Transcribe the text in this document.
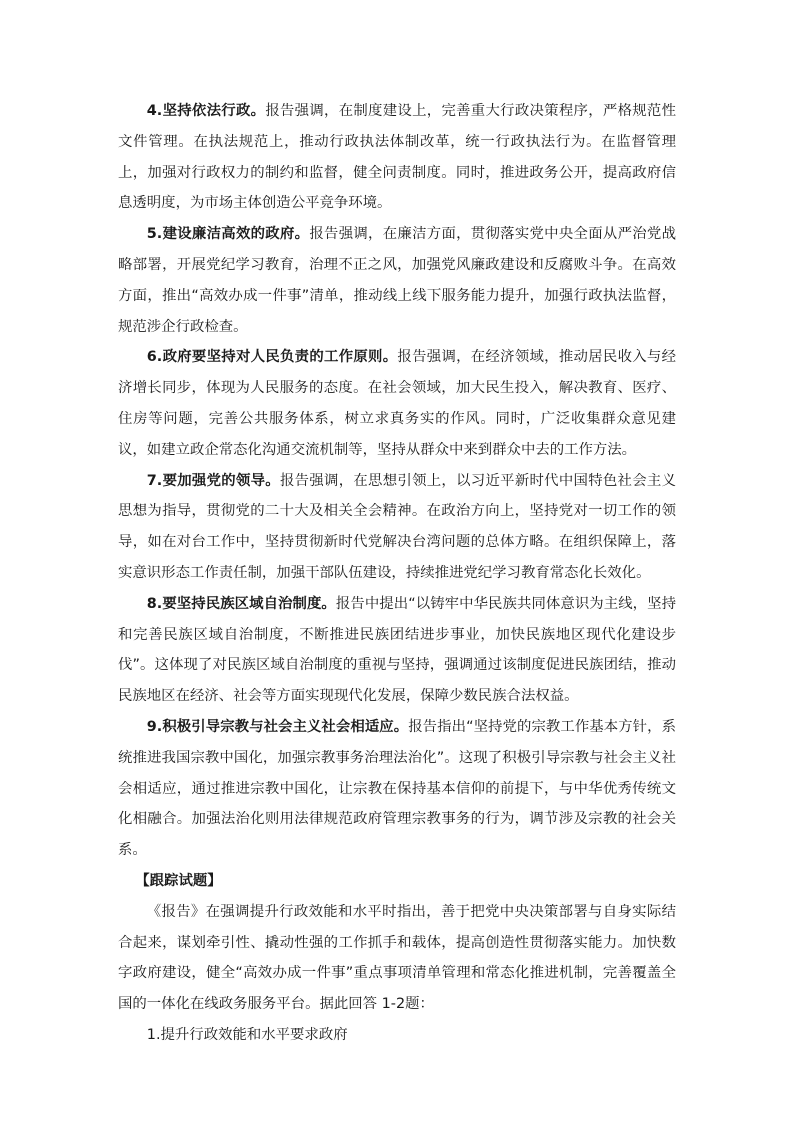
4.坚持依法行政。报告强调，在制度建设上，完善重大行政决策程序，严格规范性文件管理。在执法规范上，推动行政执法体制改革，统一行政执法行为。在监督管理上，加强对行政权力的制约和监督，健全问责制度。同时，推进政务公开，提高政府信息透明度，为市场主体创造公平竞争环境。

5.建设廉洁高效的政府。报告强调，在廉洁方面，贯彻落实党中央全面从严治党战略部署，开展党纪学习教育，治理不正之风，加强党风廉政建设和反腐败斗争。在高效方面，推出“高效办成一件事”清单，推动线上线下服务能力提升，加强行政执法监督，规范涉企行政检查。

6.政府要坚持对人民负责的工作原则。报告强调，在经济领域，推动居民收入与经济增长同步，体现为人民服务的态度。在社会领域，加大民生投入，解决教育、医疗、住房等问题，完善公共服务体系，树立求真务实的作风。同时，广泛收集群众意见建议，如建立政企常态化沟通交流机制等，坚持从群众中来到群众中去的工作方法。

7.要加强党的领导。报告强调，在思想引领上，以习近平新时代中国特色社会主义思想为指导，贯彻党的二十大及相关全会精神。在政治方向上，坚持党对一切工作的领导，如在对台工作中，坚持贯彻新时代党解决台湾问题的总体方略。在组织保障上，落实意识形态工作责任制，加强干部队伍建设，持续推进党纪学习教育常态化长效化。

8.要坚持民族区域自治制度。报告中提出“以铸牢中华民族共同体意识为主线，坚持和完善民族区域自治制度，不断推进民族团结进步事业，加快民族地区现代化建设步伐”。这体现了对民族区域自治制度的重视与坚持，强调通过该制度促进民族团结，推动民族地区在经济、社会等方面实现现代化发展，保障少数民族合法权益。

9.积极引导宗教与社会主义社会相适应。报告指出“坚持党的宗教工作基本方针，系统推进我国宗教中国化，加强宗教事务治理法治化”。这现了积极引导宗教与社会主义社会相适应，通过推进宗教中国化，让宗教在保持基本信仰的前提下，与中华优秀传统文化相融合。加强法治化则用法律规范政府管理宗教事务的行为，调节涉及宗教的社会关系。

【跟踪试题】

《报告》在强调提升行政效能和水平时指出，善于把党中央决策部署与自身实际结合起来，谋划牵引性、撬动性强的工作抓手和载体，提高创造性贯彻落实能力。加快数字政府建设，健全“高效办成一件事”重点事项清单管理和常态化推进机制，完善覆盖全国的一体化在线政务服务平台。据此回答 1-2题：

1.提升行政效能和水平要求政府
